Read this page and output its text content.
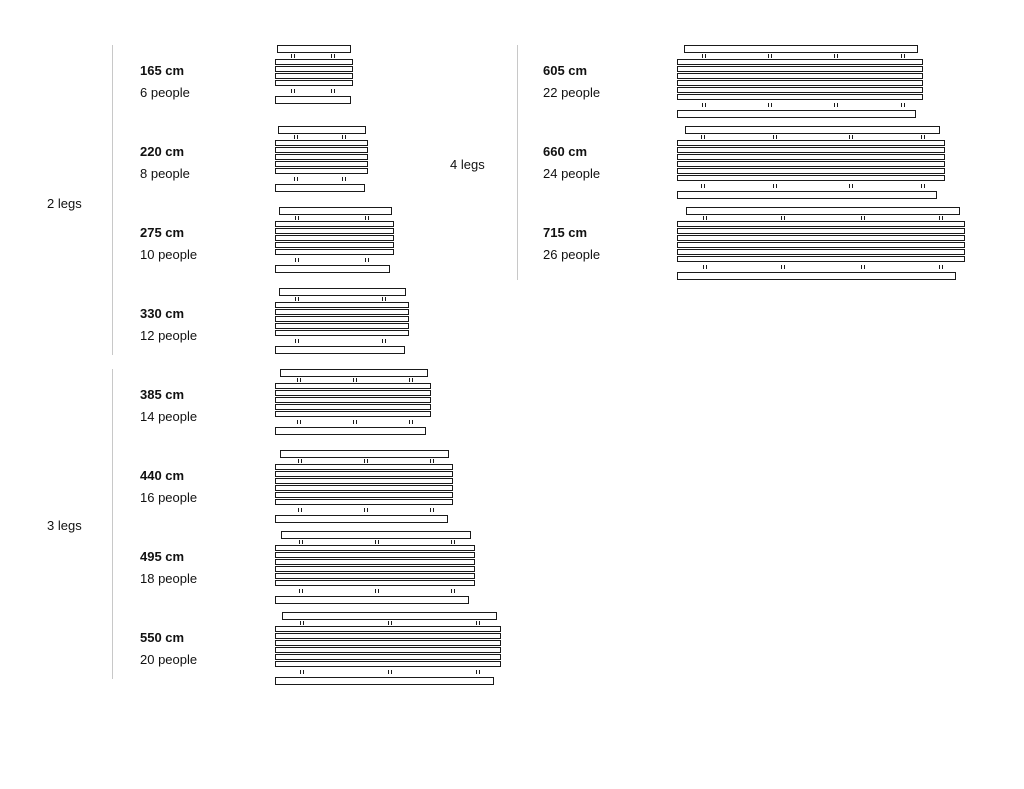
2 legs
3 legs
4 legs
165 cm
6 people
220 cm
8 people
275 cm
10 people
330 cm
12 people
385 cm
14 people
440 cm
16 people
495 cm
18 people
550 cm
20 people
605 cm
22 people
660 cm
24 people
715 cm
26 people
